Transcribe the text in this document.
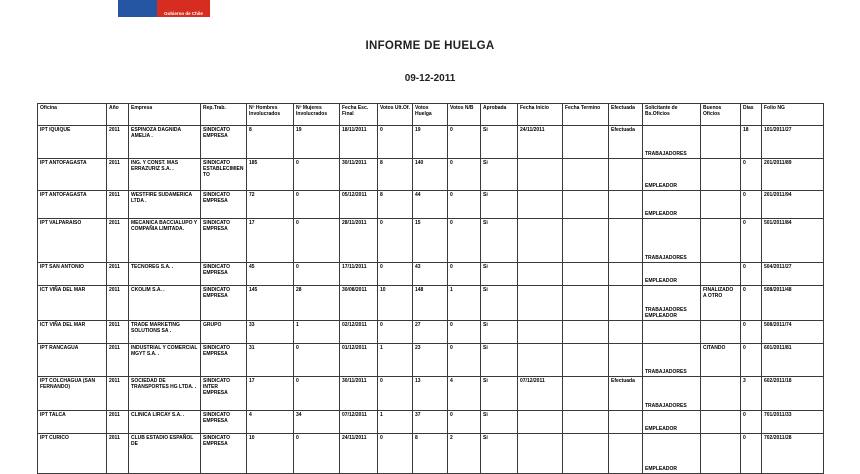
Gobierno de Chile
INFORME DE HUELGA
09-12-2011
Oficina	Año	Empresa	Rep.Trab.	Nº Hombres Involucrados	Nº Mujeres Involucrados	Fecha Esc. Final	Votos Ult.Of.	Votos Huelga	Votos N/B	Aprobada	Fecha Inicio	Fecha Termino	Efectuada	Solicitante de Bs.Oficios	Buenos Oficios	Días	Folio NG
IPT IQUIQUE	2011	ESPINOZA DAGNIDA AMELIA .	SINDICATO EMPRESA	8	19	18/11/2011	0	19	0	Si	24/11/2011		Efectuada	TRABAJADORES		18	101/2011/27
IPT ANTOFAGASTA	2011	ING. Y CONST. MAS ERRAZURIZ S.A. .	SINDICATO ESTABLECIMIENTO	185	0	30/11/2011	8	140	0	Si				EMPLEADOR		0	201/2011/89
IPT ANTOFAGASTA	2011	WESTFIRE SUDAMERICA LTDA .	SINDICATO EMPRESA	72	0	05/12/2011	8	44	0	Si				EMPLEADOR		0	201/2011/94
IPT VALPARAISO	2011	MECANICA BACCIALUPO Y COMPAÑIA LIMITADA.	SINDICATO EMPRESA	17	0	28/11/2011	0	15	0	Si				TRABAJADORES		0	501/2011/84
IPT SAN ANTONIO	2011	TECNOREG S.A. .	SINDICATO EMPRESA	45	0	17/11/2011	0	43	0	Si				EMPLEADOR		0	504/2011/27
ICT VIÑA DEL MAR	2011	CKOLIM S.A. .	SINDICATO EMPRESA	145	28	30/08/2011	10	148	1	Si				TRABAJADORES EMPLEADOR	FINALIZADO A OTRO	0	508/2011/48
ICT VIÑA DEL MAR	2011	TRADE MARKETING SOLUTIONS SA .	GRUPO	33	1	02/12/2011	0	27	0	Si						0	508/2011/74
IPT RANCAGUA	2011	INDUSTRIAL Y COMERCIAL MGYT S.A. .	SINDICATO EMPRESA	31	0	01/12/2011	1	23	0	Si				TRABAJADORES	CITANDO	0	601/2011/81
IPT COLCHAGUA (SAN FERNANDO)	2011	SOCIEDAD DE TRANSPORTES HG LTDA. .	SINDICATO INTER EMPRESA	17	0	30/11/2011	0	13	4	Si	07/12/2011		Efectuada	TRABAJADORES		3	602/2011/18
IPT TALCA	2011	CLINICA LIRCAY S.A. .	SINDICATO EMPRESA	4	34	07/12/2011	1	37	0	Si				EMPLEADOR		0	701/2011/33
IPT CURICO	2011	CLUB ESTADIO ESPAÑOL DE	SINDICATO EMPRESA	10	0	24/11/2011	0	8	2	Si				EMPLEADOR		0	702/2011/28
